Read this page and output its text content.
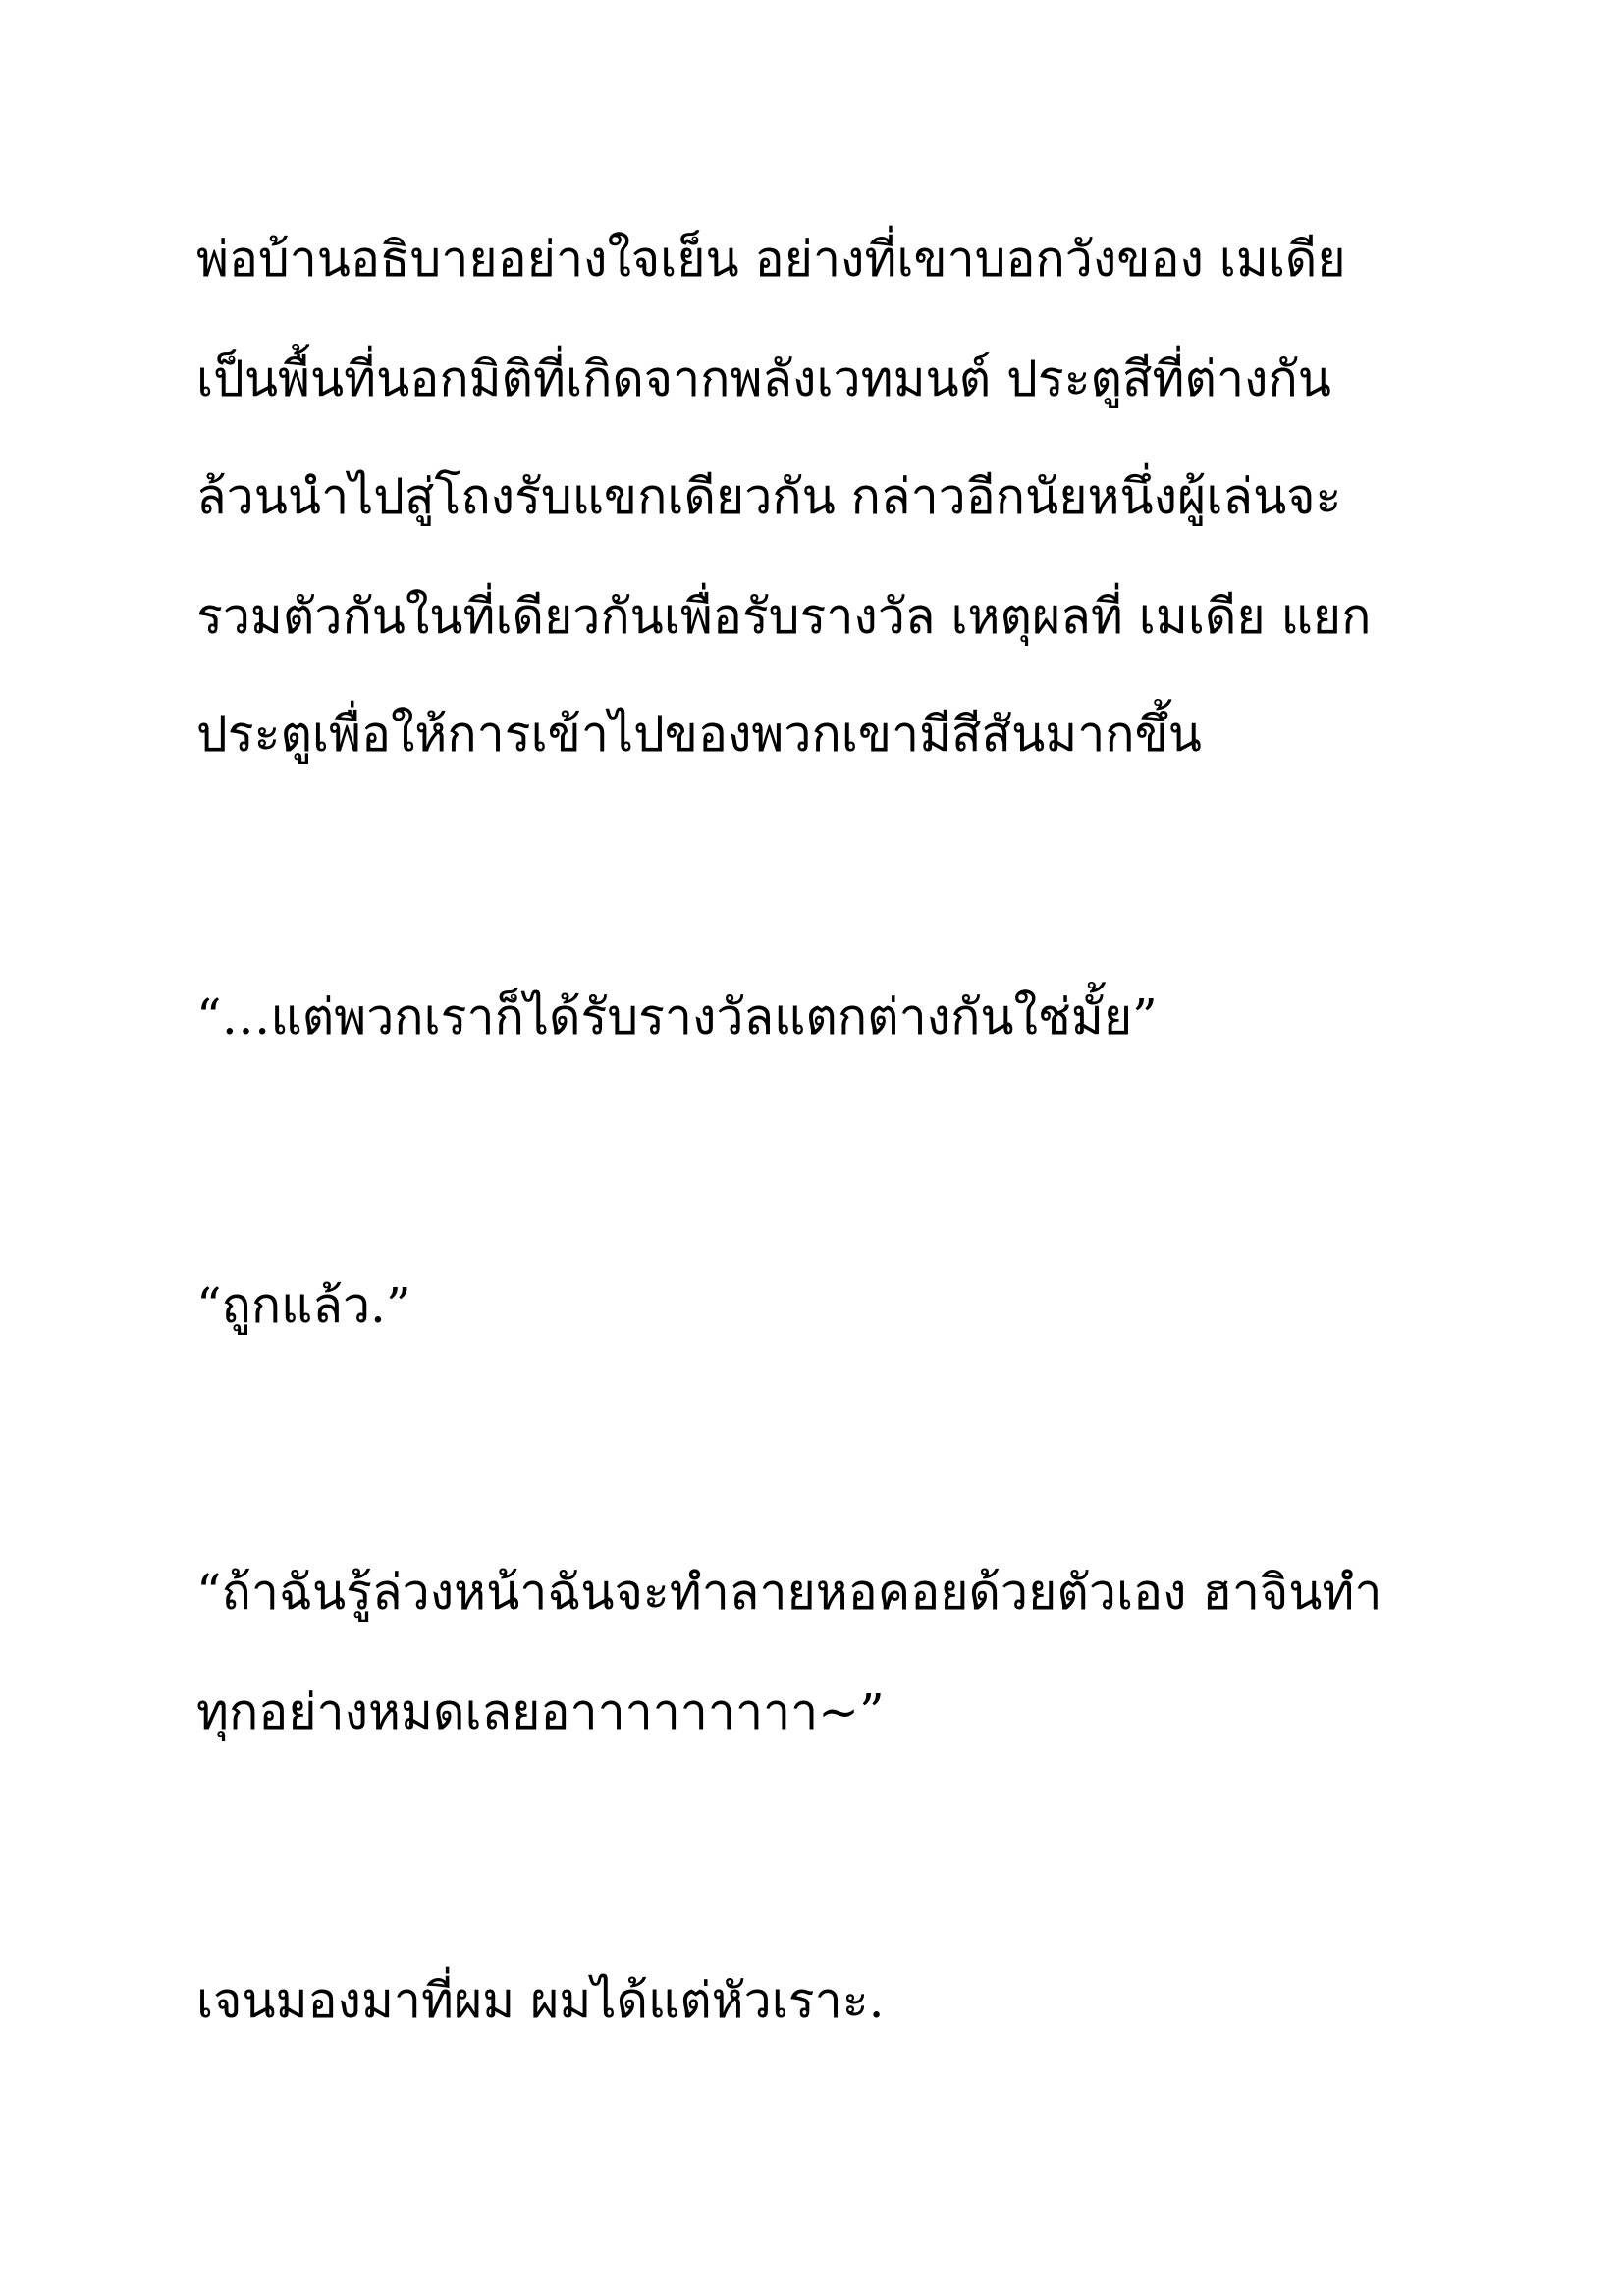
พ่อบ้านอธิบายอย่างใจเย็น อย่างที่เขาบอกวังของ เมเดีย
เป็นพื้นที่นอกมิติที่เกิดจากพลังเวทมนต์ ประตูสีที่ต่างกัน
ล้วนนำไปสู่โถงรับแขกเดียวกัน กล่าวอีกนัยหนึ่งผู้เล่นจะ
รวมตัวกันในที่เดียวกันเพื่อรับรางวัล เหตุผลที่ เมเดีย แยก
ประตูเพื่อให้การเข้าไปของพวกเขามีสีสันมากขึ้น
“…แต่พวกเราก็ได้รับรางวัลแตกต่างกันใช่มั้ย”
“ถูกแล้ว.”
“ถ้าฉันรู้ล่วงหน้าฉันจะทำลายหอคอยด้วยตัวเอง ฮาจินทำ
ทุกอย่างหมดเลยอาาาาาาาาา~”
เจนมองมาที่ผม ผมได้แต่หัวเราะ.
